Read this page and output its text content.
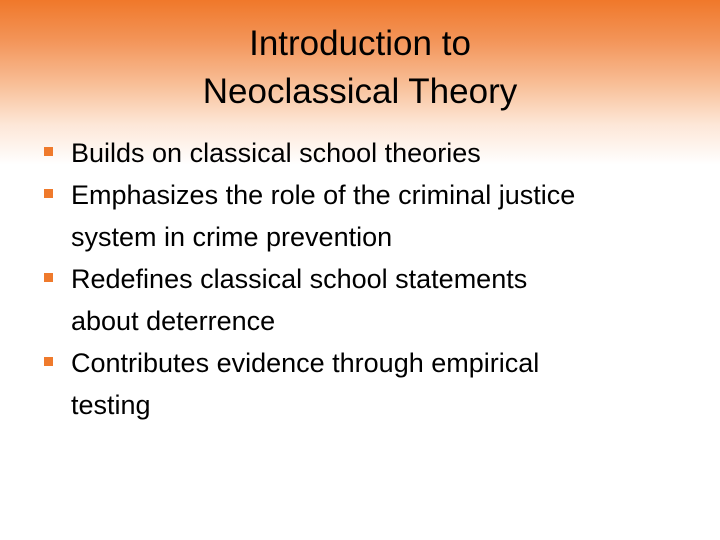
Introduction to
Neoclassical Theory
Builds on classical school theories
Emphasizes the role of the criminal justice
system in crime prevention
Redefines classical school statements
about deterrence
Contributes evidence through empirical
testing
